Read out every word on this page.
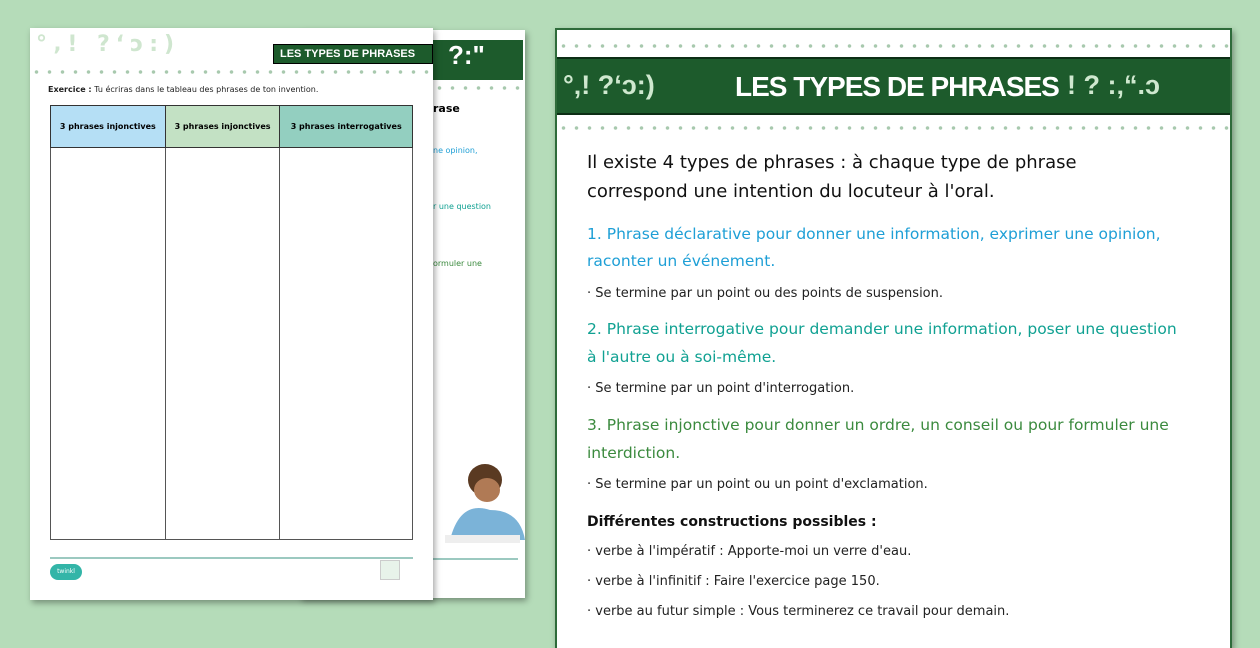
?:"
rase
ne opinion,
r une question
ormuler une
°‚! ?‘ᴐ:)	LES TYPES DE PHRASES
Exercice : Tu écriras dans le tableau des phrases de ton invention.
3 phrases injonctives	3 phrases injonctives	3 phrases interrogatives

twinkl
°‚! ?‘ᴐ:)	LES TYPES DE PHRASES ! ? :‚“.ᴐ
Il existe 4 types de phrases : à chaque type de phrase
correspond une intention du locuteur à l'oral.
1. Phrase déclarative pour donner une information, exprimer une opinion,
raconter un événement.
· Se termine par un point ou des points de suspension.
2. Phrase interrogative pour demander une information, poser une question
à l'autre ou à soi-même.
· Se termine par un point d'interrogation.
3. Phrase injonctive pour donner un ordre, un conseil ou pour formuler une
interdiction.
· Se termine par un point ou un point d'exclamation.
Différentes constructions possibles :
· verbe à l'impératif : Apporte-moi un verre d'eau.
· verbe à l'infinitif : Faire l'exercice page 150.
· verbe au futur simple : Vous terminerez ce travail pour demain.
